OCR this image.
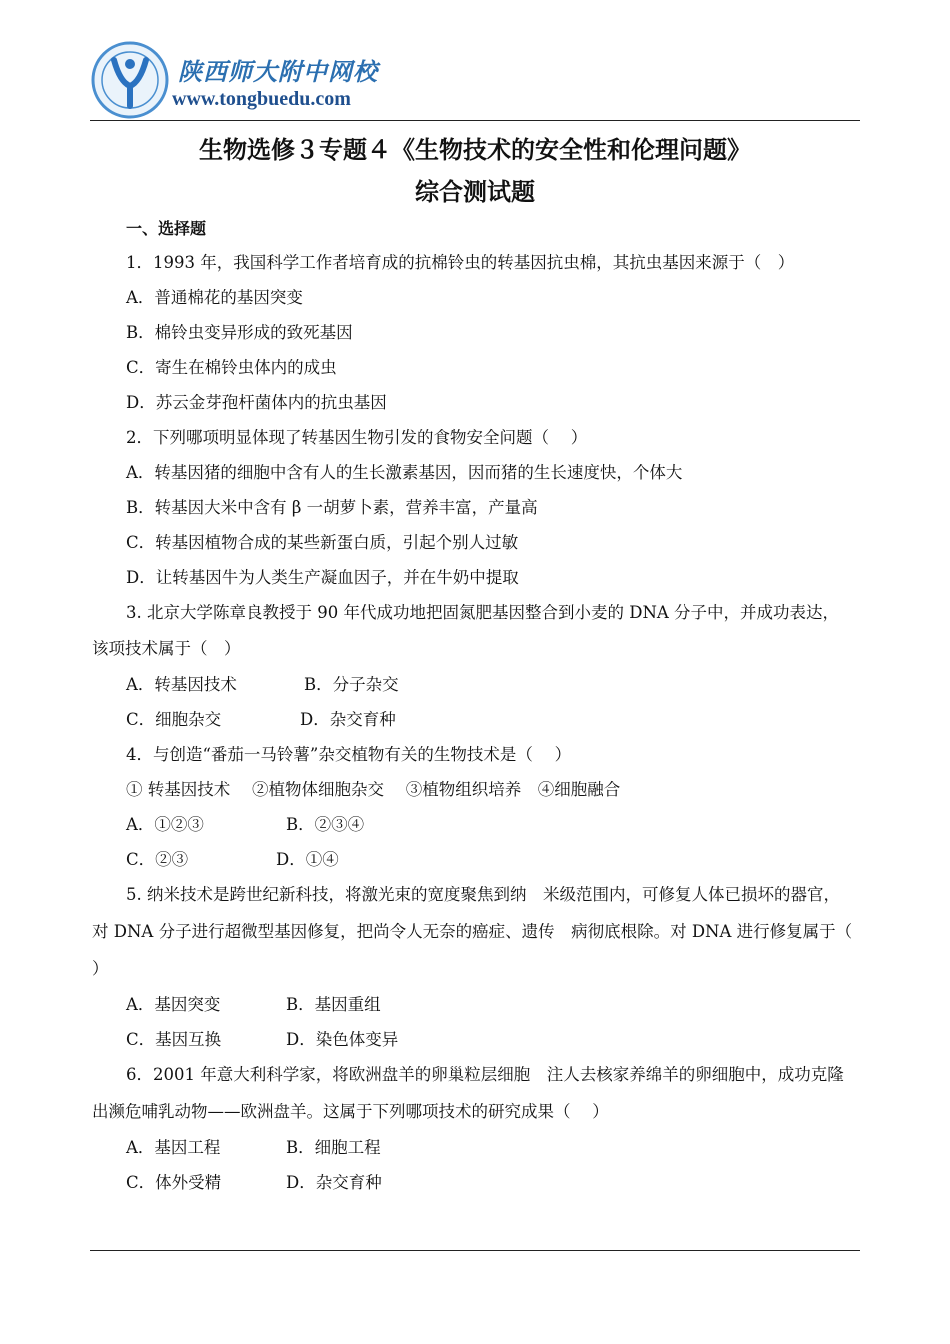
陕西师大附中网校
www.tongbuedu.com
生物选修３专题４《生物技术的安全性和伦理问题》
综合测试题
一、选择题
1．1993 年，我国科学工作者培育成的抗棉铃虫的转基因抗虫棉，其抗虫基因来源于（　）
A．普通棉花的基因突变
B．棉铃虫变异形成的致死基因
C．寄生在棉铃虫体内的成虫
D．苏云金芽孢杆菌体内的抗虫基因
2．下列哪项明显体现了转基因生物引发的食物安全问题（　 ）
A．转基因猪的细胞中含有人的生长激素基因，因而猪的生长速度快，个体大
B．转基因大米中含有 β 一胡萝卜素，营养丰富，产量高
C．转基因植物合成的某些新蛋白质，引起个别人过敏
D．让转基因牛为人类生产凝血因子，并在牛奶中提取
3. 北京大学陈章良教授于 90 年代成功地把固氮肥基因整合到小麦的 DNA 分子中，并成功表达，
该项技术属于（　）
A．转基因技术	B．分子杂交
C．细胞杂交	D．杂交育种
4．与创造“番茄一马铃薯”杂交植物有关的生物技术是（　 ）
① 转基因技术　 ②植物体细胞杂交　 ③植物组织培养　④细胞融合
A．①②③	B．②③④
C．②③	D．①④
5. 纳米技术是跨世纪新科技，将激光束的宽度聚焦到纳　米级范围内，可修复人体已损坏的器官，
对 DNA 分子进行超微型基因修复，把尚令人无奈的癌症、遗传　病彻底根除。对 DNA 进行修复属于（
）
A．基因突变	B．基因重组
C．基因互换	D．染色体变异
6．2001 年意大利科学家，将欧洲盘羊的卵巢粒层细胞　注人去核家养绵羊的卵细胞中，成功克隆
出濒危哺乳动物——欧洲盘羊。这属于下列哪项技术的研究成果（　 ）
A．基因工程	B．细胞工程
C．体外受精	D．杂交育种
